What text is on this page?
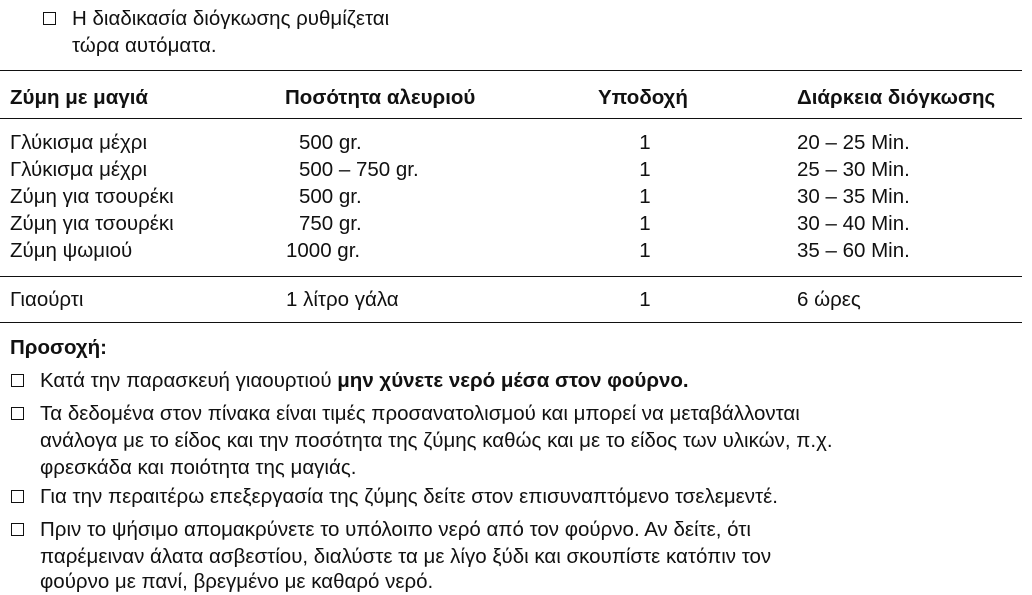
Η διαδικασία διόγκωσης ρυθμίζεται
τώρα αυτόματα.
Ζύμη με μαγιά	Ποσότητα αλευριού	Υποδοχή	Διάρκεια διόγκωσης
Γλύκισμα μέχρι	500 gr.	1	20 – 25 Min.
Γλύκισμα μέχρι	500 – 750 gr.	1	25 – 30 Min.
Ζύμη για τσουρέκι	500 gr.	1	30 – 35 Min.
Ζύμη για τσουρέκι	750 gr.	1	30 – 40 Min.
Ζύμη ψωμιού	1000 gr.	1	35 – 60 Min.
Γιαούρτι	1 λίτρο γάλα	1	6 ώρες
Προσοχή:
Κατά την παρασκευή γιαουρτιού μην χύνετε νερό μέσα στον φούρνο.
Τα δεδομένα στον πίνακα είναι τιμές προσανατολισμού και μπορεί να μεταβάλλονται
ανάλογα με το είδος και την ποσότητα της ζύμης καθώς και με το είδος των υλικών, π.χ.
φρεσκάδα και ποιότητα της μαγιάς.
Για την περαιτέρω επεξεργασία της ζύμης δείτε στον επισυναπτόμενο τσελεμεντέ.
Πριν το ψήσιμο απομακρύνετε το υπόλοιπο νερό από τον φούρνο. Αν δείτε, ότι
παρέμειναν άλατα ασβεστίου, διαλύστε τα με λίγο ξύδι και σκουπίστε κατόπιν τον
φούρνο με πανί, βρεγμένο με καθαρό νερό.
